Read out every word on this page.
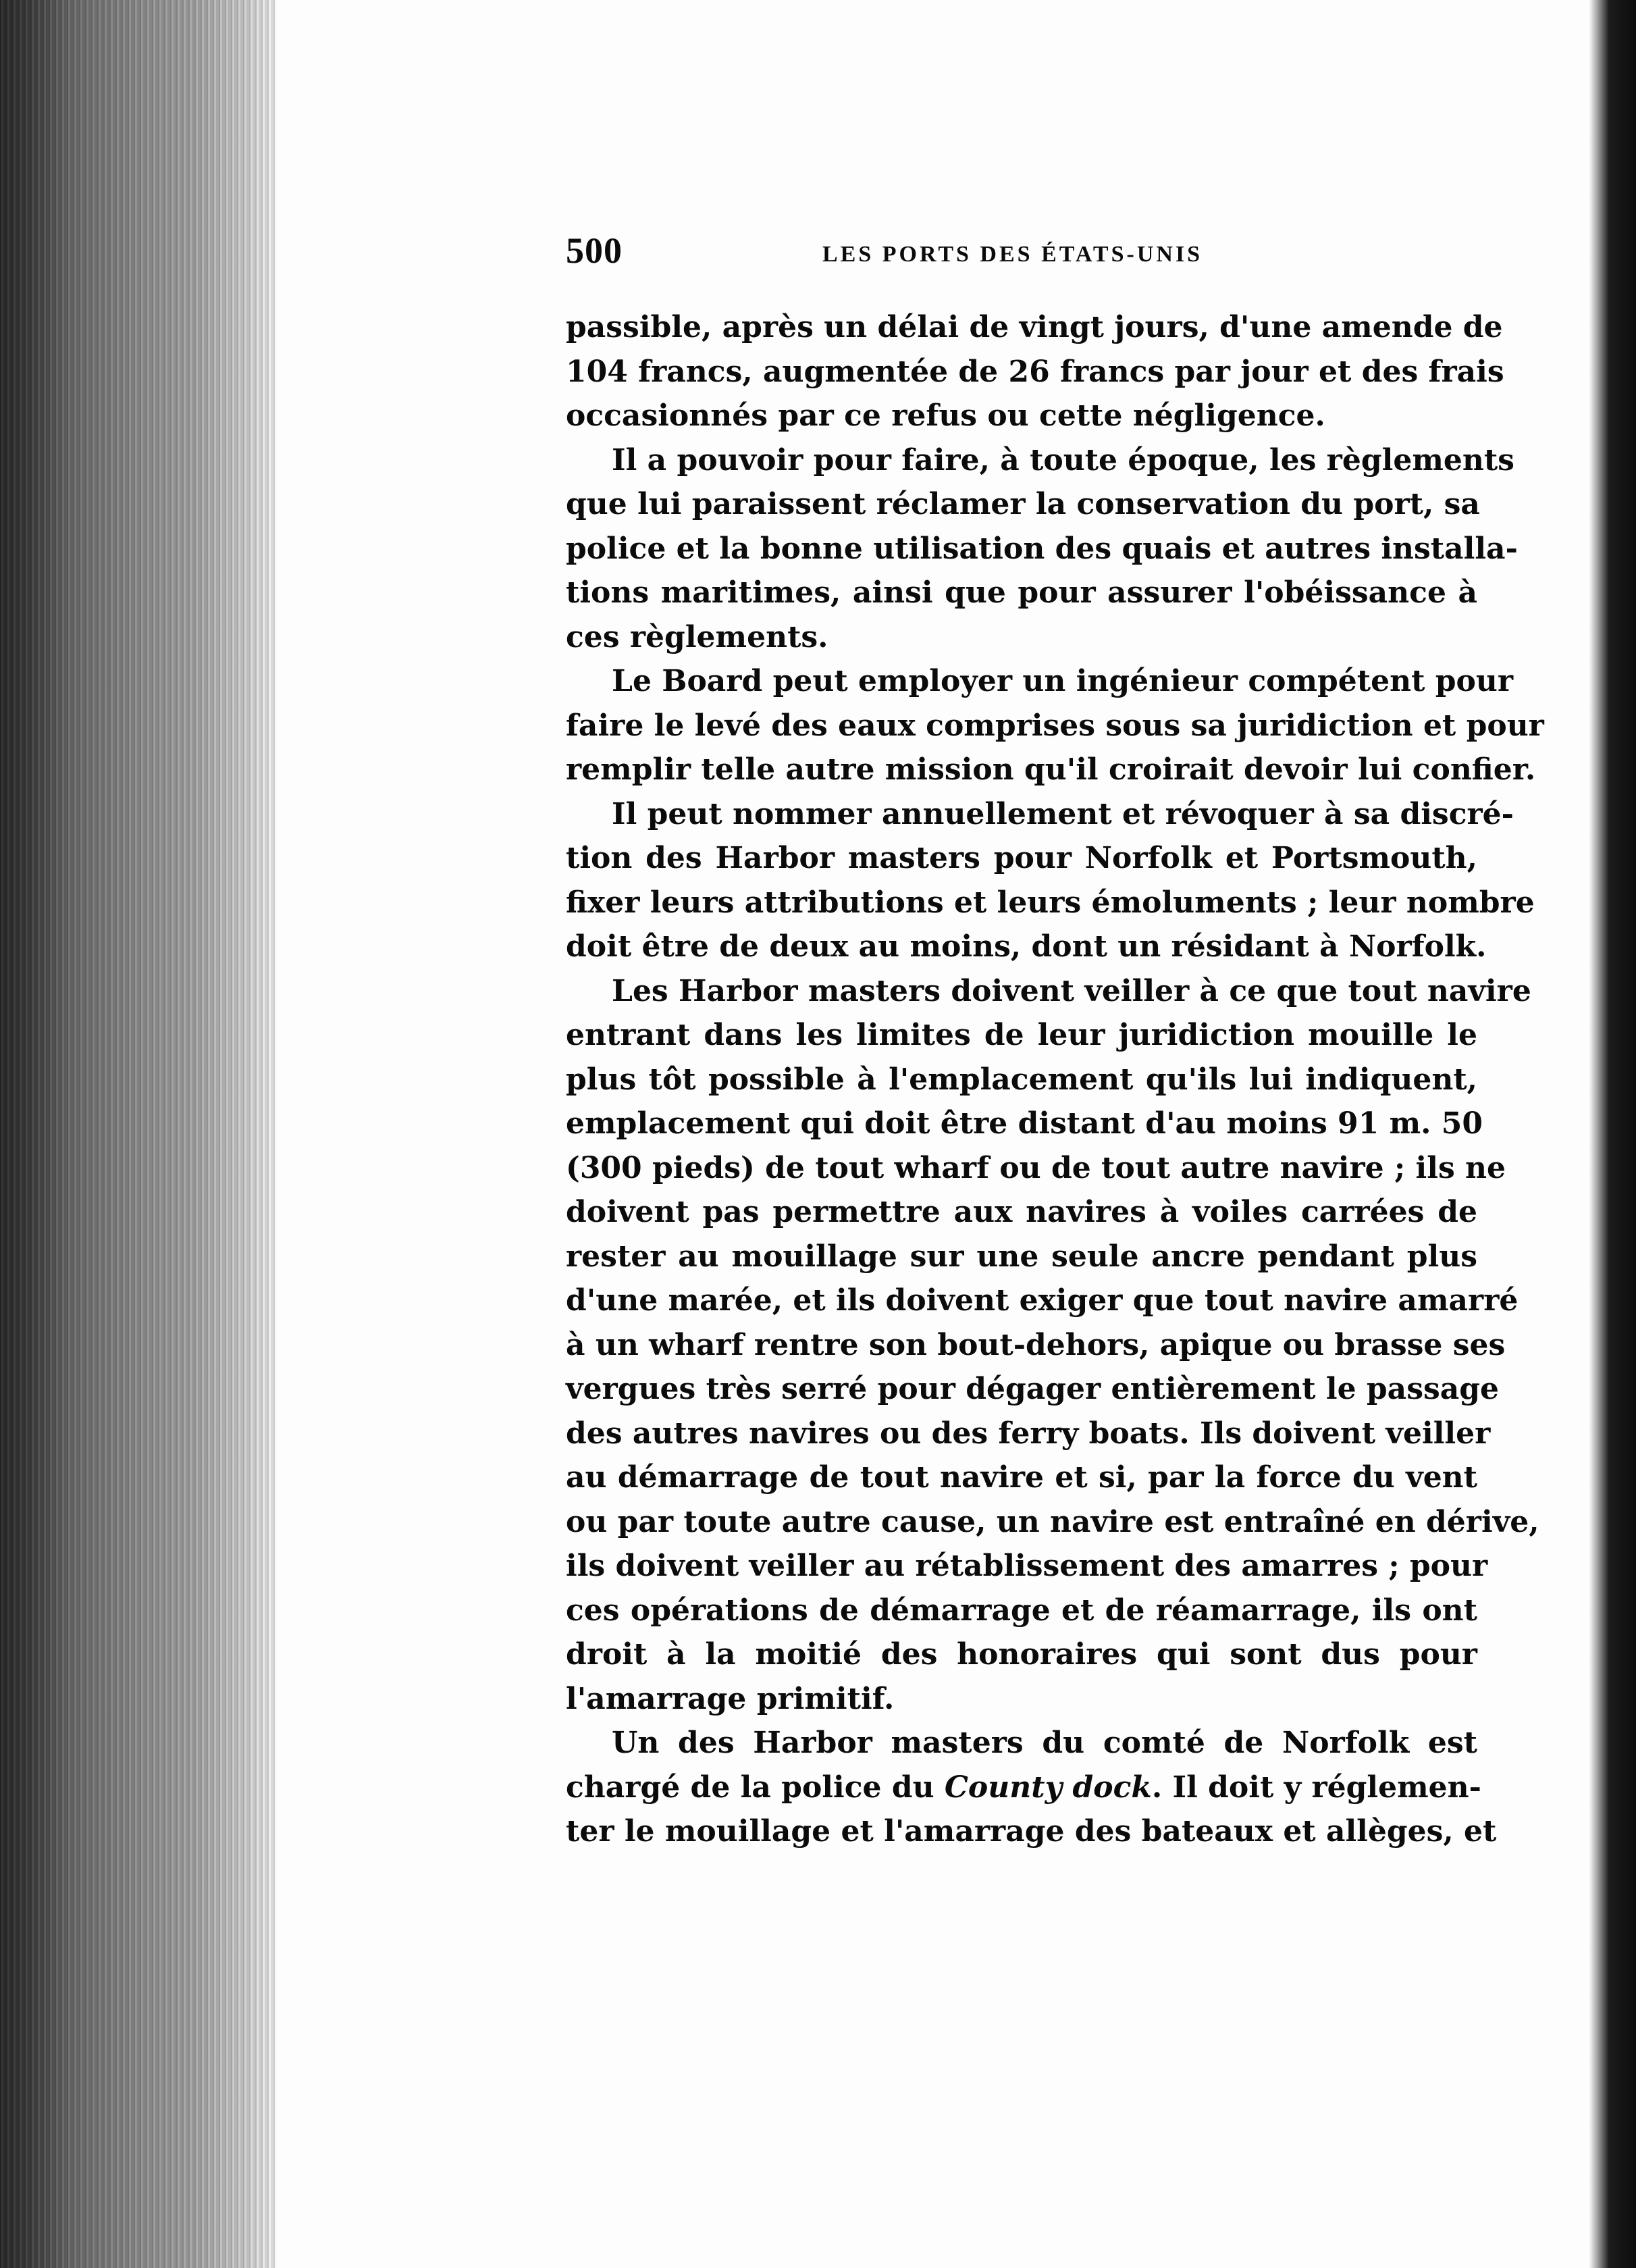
500	LES PORTS DES ÉTATS-UNIS

passible, après un délai de vingt jours, d'une amende de
104 francs, augmentée de 26 francs par jour et des frais
occasionnés par ce refus ou cette négligence.

Il a pouvoir pour faire, à toute époque, les règlements
que lui paraissent réclamer la conservation du port, sa
police et la bonne utilisation des quais et autres installa-
tions maritimes, ainsi que pour assurer l'obéissance à
ces règlements.

Le Board peut employer un ingénieur compétent pour
faire le levé des eaux comprises sous sa juridiction et pour
remplir telle autre mission qu'il croirait devoir lui confier.

Il peut nommer annuellement et révoquer à sa discré-
tion des Harbor masters pour Norfolk et Portsmouth,
fixer leurs attributions et leurs émoluments ; leur nombre
doit être de deux au moins, dont un résidant à Norfolk.

Les Harbor masters doivent veiller à ce que tout navire
entrant dans les limites de leur juridiction mouille le
plus tôt possible à l'emplacement qu'ils lui indiquent,
emplacement qui doit être distant d'au moins 91 m. 50
(300 pieds) de tout wharf ou de tout autre navire ; ils ne
doivent pas permettre aux navires à voiles carrées de
rester au mouillage sur une seule ancre pendant plus
d'une marée, et ils doivent exiger que tout navire amarré
à un wharf rentre son bout-dehors, apique ou brasse ses
vergues très serré pour dégager entièrement le passage
des autres navires ou des ferry boats. Ils doivent veiller
au démarrage de tout navire et si, par la force du vent
ou par toute autre cause, un navire est entraîné en dérive,
ils doivent veiller au rétablissement des amarres ; pour
ces opérations de démarrage et de réamarrage, ils ont
droit à la moitié des honoraires qui sont dus pour
l'amarrage primitif.

Un des Harbor masters du comté de Norfolk est
chargé de la police du County dock. Il doit y réglemen-
ter le mouillage et l'amarrage des bateaux et allèges, et
